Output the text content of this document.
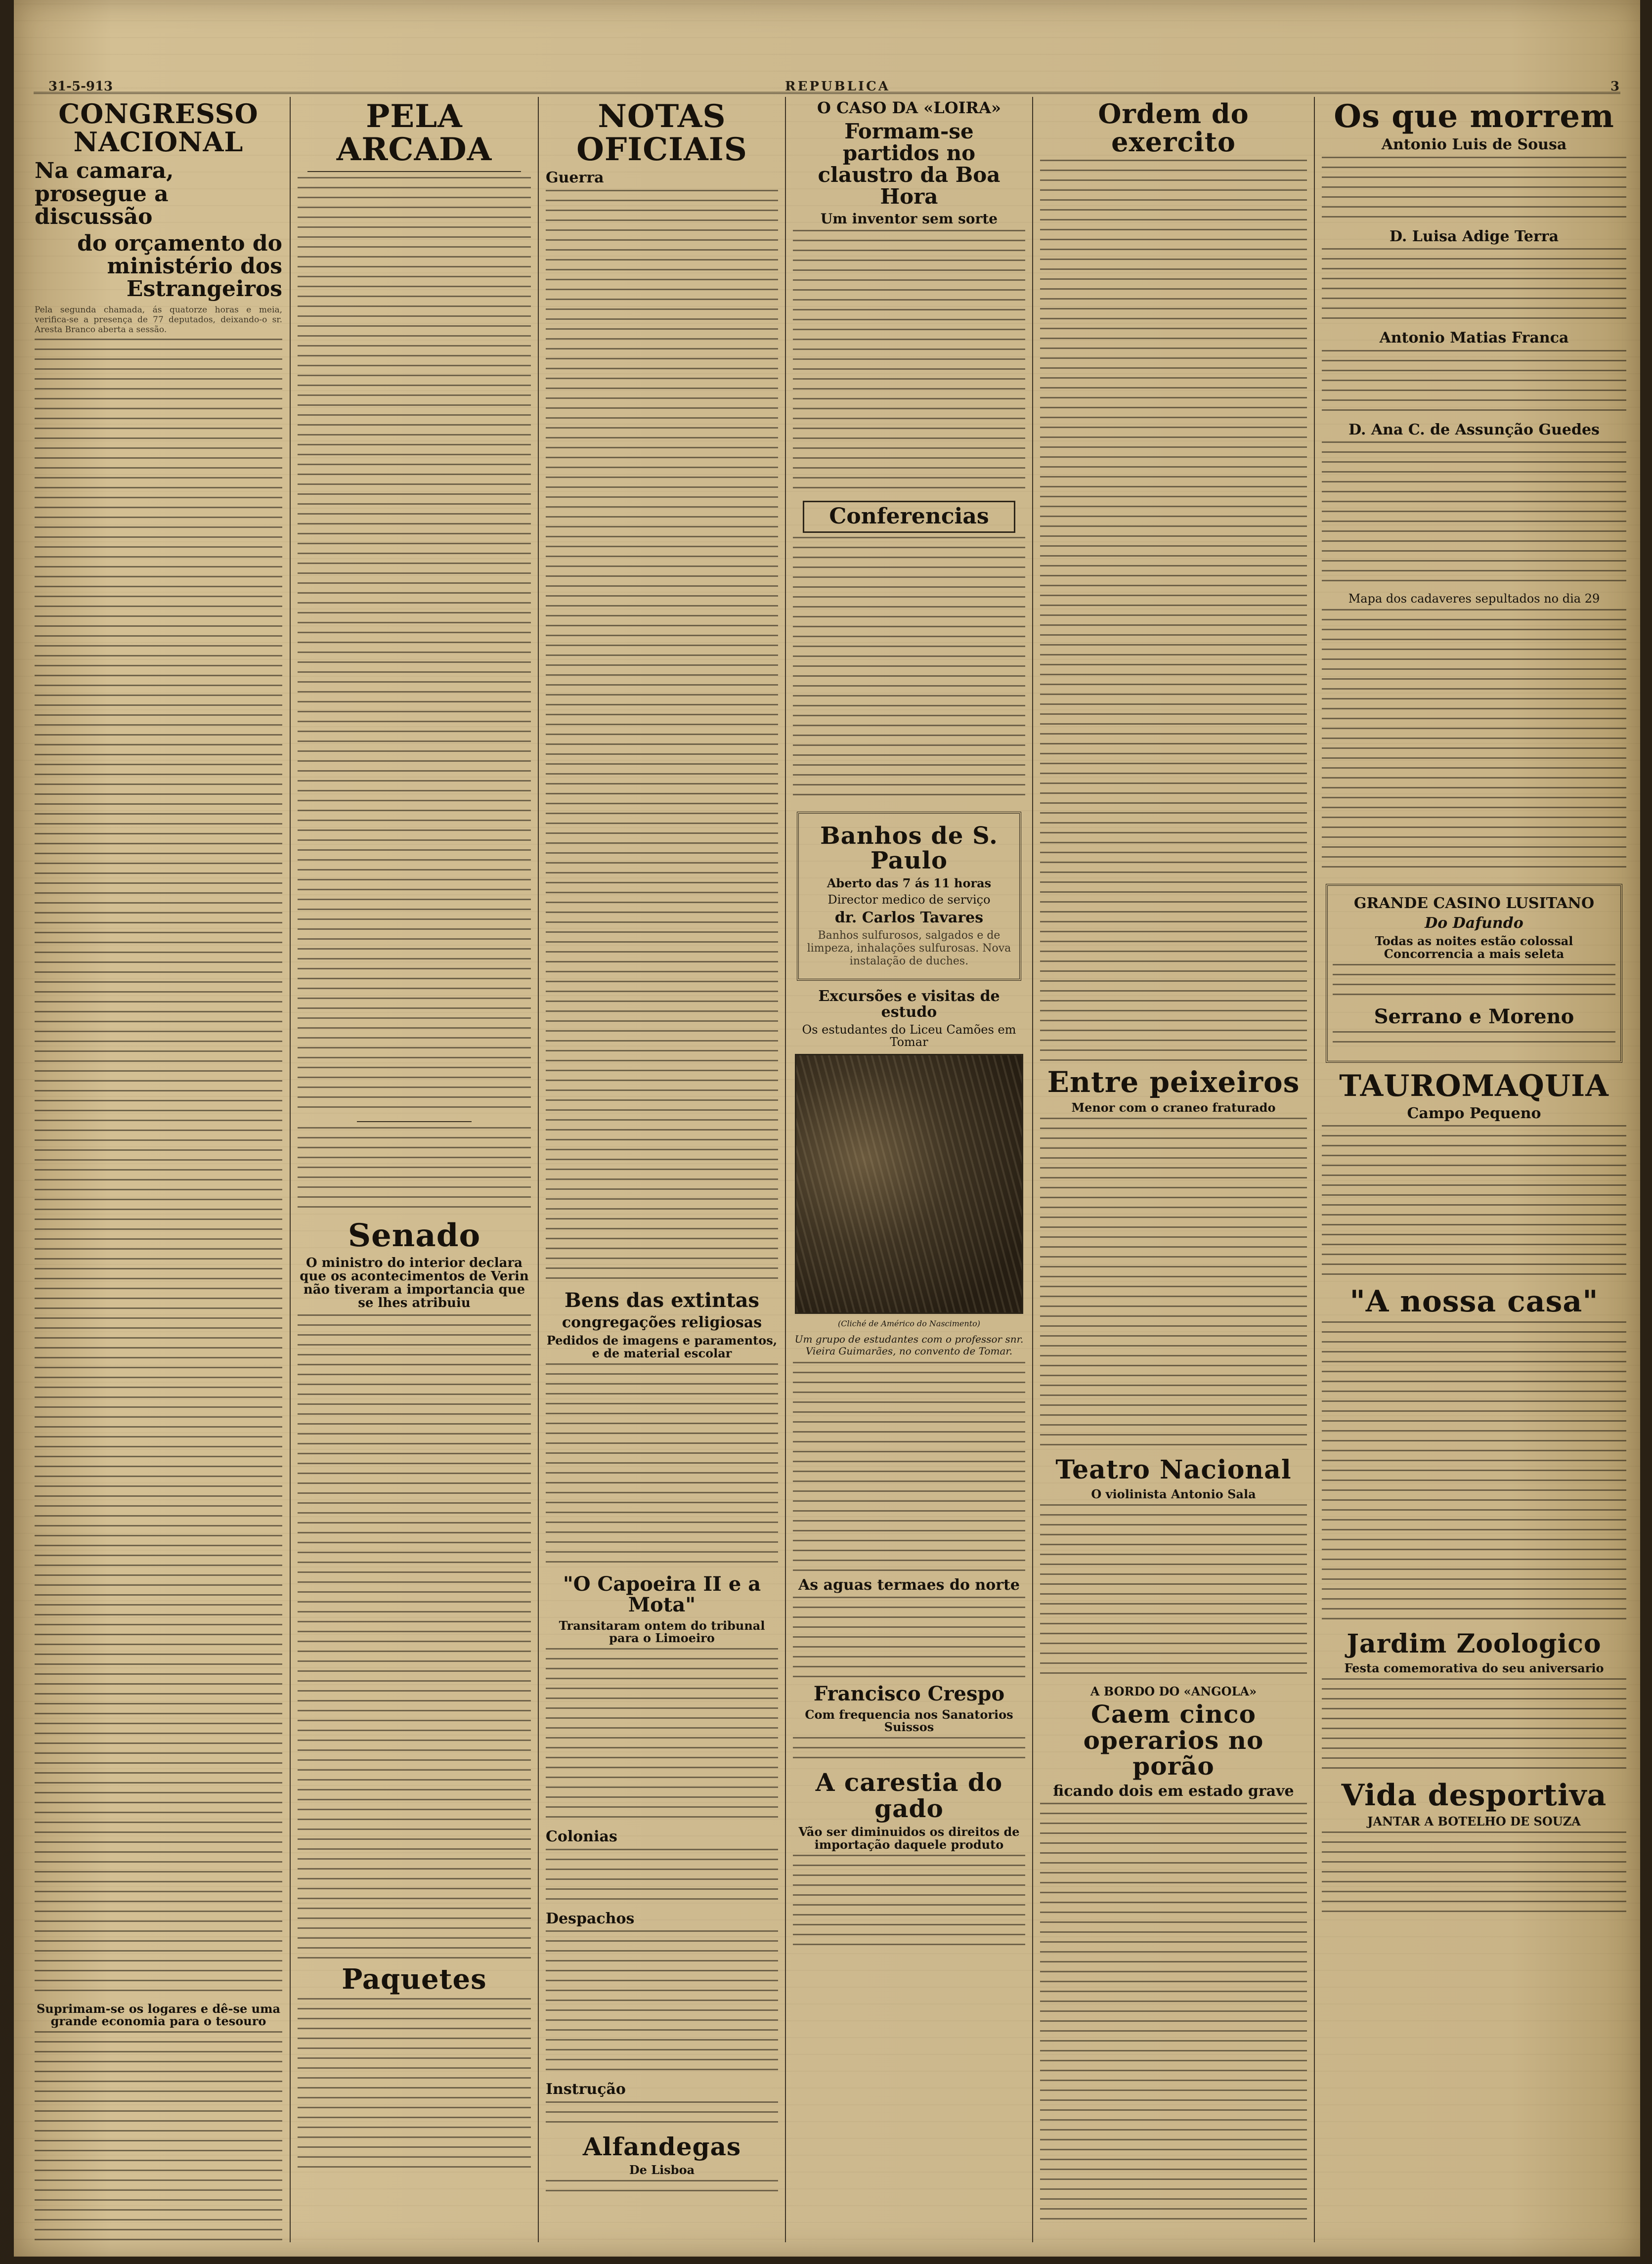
31-5-913	REPUBLICA	3
CONGRESSO NACIONAL
Na camara, prosegue a discussão
do orçamento do ministério dos Estrangeiros

Pela segunda chamada, ás quatorze horas e meia, verifica-se a presença de 77 deputados, deixando-o sr. Aresta Branco aberta a sessão.

Suprimam-se os logares e dê-se uma grande economia para o tesouro
PELA ARCADA
Senado
O ministro do interior declara que os acontecimentos de Verin não tiveram a importancia que se lhes atribuiu
Paquetes
NOTAS OFICIAIS
Guerra
Bens das extintas
congregações religiosas
Pedidos de imagens e paramentos, e de material escolar
"O Capoeira II e a Mota"
Transitaram ontem do tribunal para o Limoeiro
Colonias
Despachos
Instrução
Alfandegas
De Lisboa
O CASO DA «LOIRA»
Formam-se partidos no claustro da Boa Hora
Um inventor sem sorte
Conferencias
Banhos de S. Paulo
Aberto das 7 ás 11 horas
Director medico de serviço
dr. Carlos Tavares

Banhos sulfurosos, salgados e de limpeza, inhalações sulfurosas. Nova instalação de duches.

Excursões e visitas de estudo
Os estudantes do Liceu Camões em Tomar
(Cliché de Américo do Nascimento)
Um grupo de estudantes com o professor snr. Vieira Guimarães, no convento de Tomar.
As aguas termaes do norte
Francisco Crespo
Com frequencia nos Sanatorios Suissos
A carestia do gado
Vão ser diminuidos os direitos de importação daquele produto
Ordem do exercito
Entre peixeiros
Menor com o craneo fraturado
Teatro Nacional
O violinista Antonio Sala
A BORDO DO «ANGOLA»
Caem cinco operarios no porão
ficando dois em estado grave
Os que morrem
Antonio Luis de Sousa
D. Luisa Adige Terra
Antonio Matias Franca
D. Ana C. de Assunção Guedes
Mapa dos cadaveres sepultados no dia 29
GRANDE CASINO LUSITANO
Do Dafundo
Todas as noites estão colossal Concorrencia a mais seleta
Serrano e Moreno
TAUROMAQUIA
Campo Pequeno
"A nossa casa"
Jardim Zoologico
Festa comemorativa do seu aniversario
Vida desportiva
JANTAR A BOTELHO DE SOUZA
